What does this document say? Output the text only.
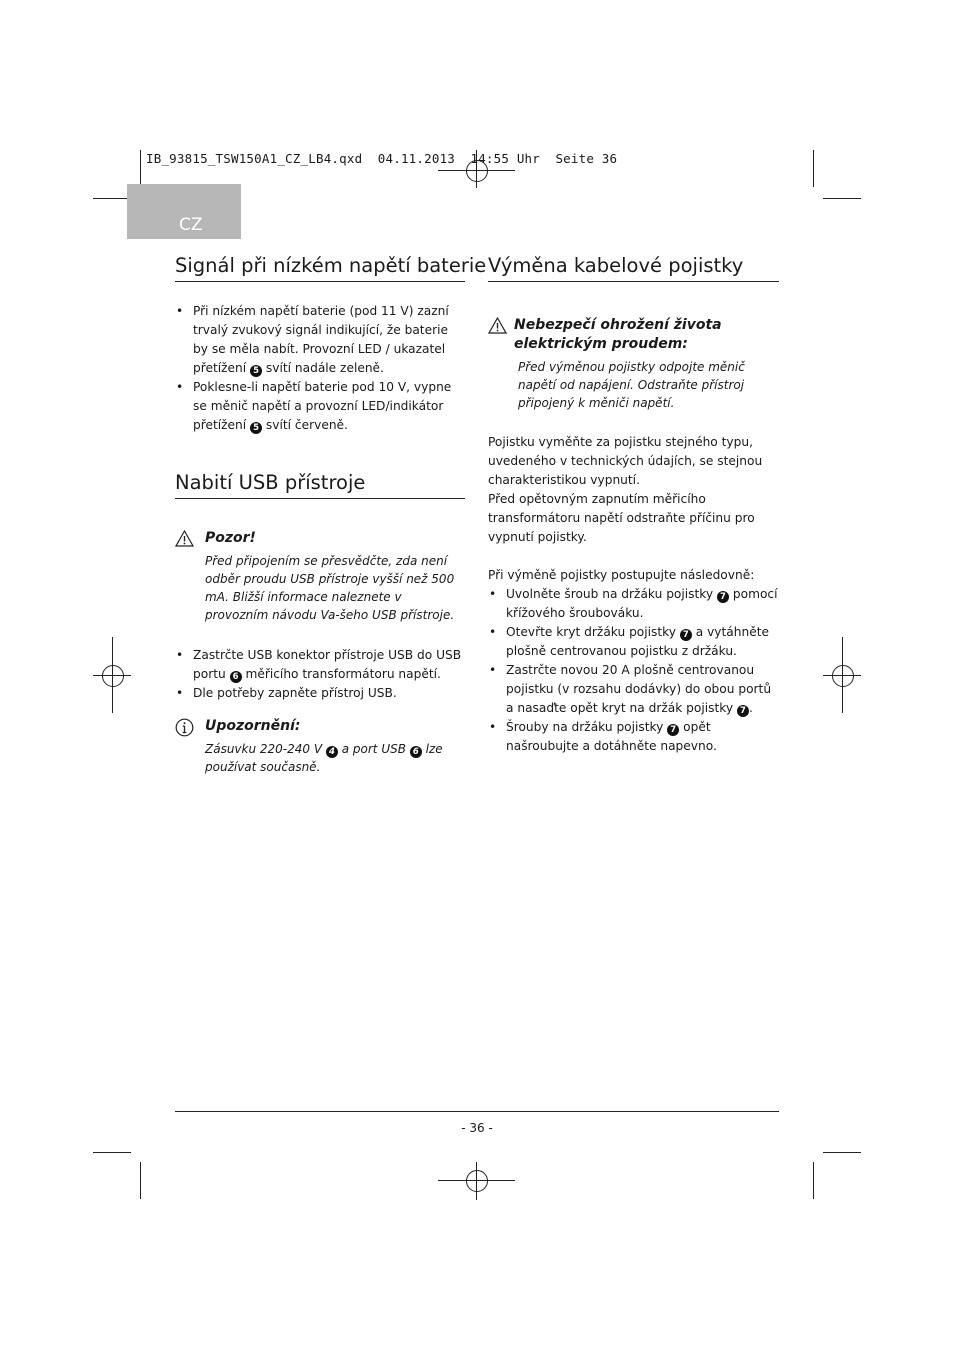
IB_93815_TSW150A1_CZ_LB4.qxd  04.11.2013  14:55 Uhr  Seite 36
CZ
Signál při nízkém napětí baterie
• Při nízkém napětí baterie (pod 11 V) zazní trvalý zvukový signál indikující, že baterie by se měla nabít. Provozní LED / ukazatel přetížení 5 svítí nadále zeleně.
• Poklesne-li napětí baterie pod 10 V, vypne se měnič napětí a provozní LED/indikátor přetížení 5 svítí červeně.
Nabití USB přístroje
Pozor!

Před připojením se přesvědčte, zda není odběr proudu USB přístroje vyšší než 500 mA. Bližší informace naleznete v provozním návodu Va-šeho USB přístroje.

• Zastrčte USB konektor přístroje USB do USB portu 6 měřicího transformátoru napětí.
• Dle potřeby zapněte přístroj USB.
Upozornění:

Zásuvku 220-240 V 4 a port USB 6 lze používat současně.

Výměna kabelové pojistky
Nebezpečí ohrožení života elektrickým proudem:

Před výměnou pojistky odpojte měnič napětí od napájení. Odstraňte přístroj připojený k měniči napětí.

Pojistku vyměňte za pojistku stejného typu, uvedeného v technických údajích, se stejnou charakteristikou vypnutí.

Před opětovným zapnutím měřicího transformátoru napětí odstraňte příčinu pro vypnutí pojistky.

Při výměně pojistky postupujte následovně:

• Uvolněte šroub na držáku pojistky 7 pomocí křížového šroubováku.
• Otevřte kryt držáku pojistky 7 a vytáhněte plošně centrovanou pojistku z držáku.
• Zastrčte novou 20 A plošně centrovanou pojistku (v rozsahu dodávky) do obou portů a nasaďte opět kryt na držák pojistky 7 .
• Šrouby na držáku pojistky 7 opět našroubujte a dotáhněte napevno.
- 36 -
